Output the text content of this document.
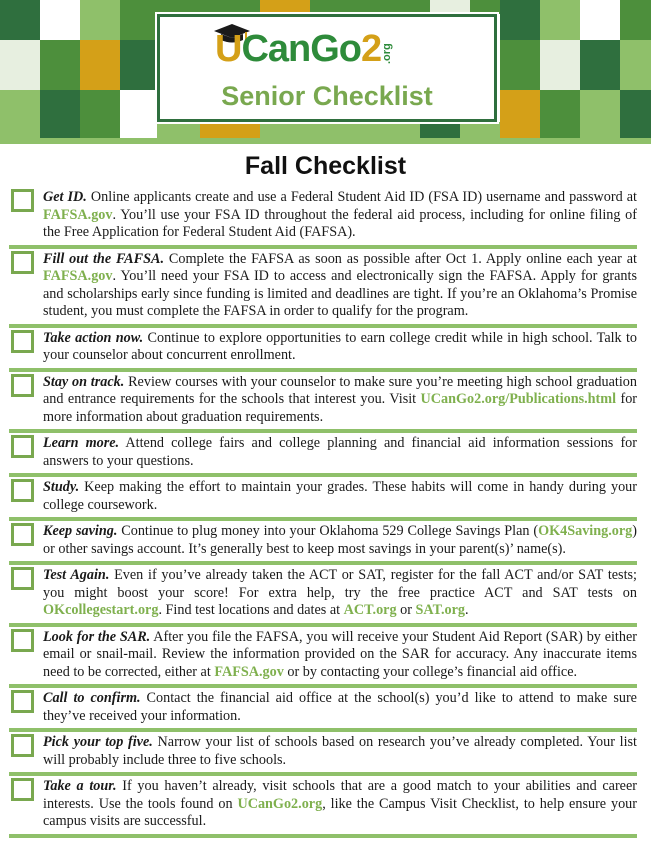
UCanGo2 .org
Senior Checklist
Fall Checklist
Get ID. Online applicants create and use a Federal Student Aid ID (FSA ID) username and password at FAFSA.gov. You’ll use your FSA ID throughout the federal aid process, including for online filing of the Free Application for Federal Student Aid (FAFSA).
Fill out the FAFSA. Complete the FAFSA as soon as possible after Oct 1. Apply online each year at FAFSA.gov. You’ll need your FSA ID to access and electronically sign the FAFSA. Apply for grants and scholarships early since funding is limited and deadlines are tight. If you’re an Oklahoma’s Promise student, you must complete the FAFSA in order to qualify for the program.
Take action now. Continue to explore opportunities to earn college credit while in high school. Talk to your counselor about concurrent enrollment.
Stay on track. Review courses with your counselor to make sure you’re meeting high school graduation and entrance requirements for the schools that interest you. Visit UCanGo2.org/Publications.html for more information about graduation requirements.
Learn more. Attend college fairs and college planning and financial aid information sessions for answers to your questions.
Study. Keep making the effort to maintain your grades. These habits will come in handy during your college coursework.
Keep saving. Continue to plug money into your Oklahoma 529 College Savings Plan (OK4Saving.org) or other savings account. It’s generally best to keep most savings in your parent(s)’ name(s).
Test Again. Even if you’ve already taken the ACT or SAT, register for the fall ACT and/or SAT tests; you might boost your score! For extra help, try the free practice ACT and SAT tests on OKcollegestart.org. Find test locations and dates at ACT.org or SAT.org.
Look for the SAR. After you file the FAFSA, you will receive your Student Aid Report (SAR) by either email or snail-mail. Review the information provided on the SAR for accuracy. Any inaccurate items need to be corrected, either at FAFSA.gov or by contacting your college’s financial aid office.
Call to confirm. Contact the financial aid office at the school(s) you’d like to attend to make sure they’ve received your information.
Pick your top five. Narrow your list of schools based on research you’ve already completed. Your list will probably include three to five schools.
Take a tour. If you haven’t already, visit schools that are a good match to your abilities and career interests. Use the tools found on UCanGo2.org, like the Campus Visit Checklist, to help ensure your campus visits are successful.
